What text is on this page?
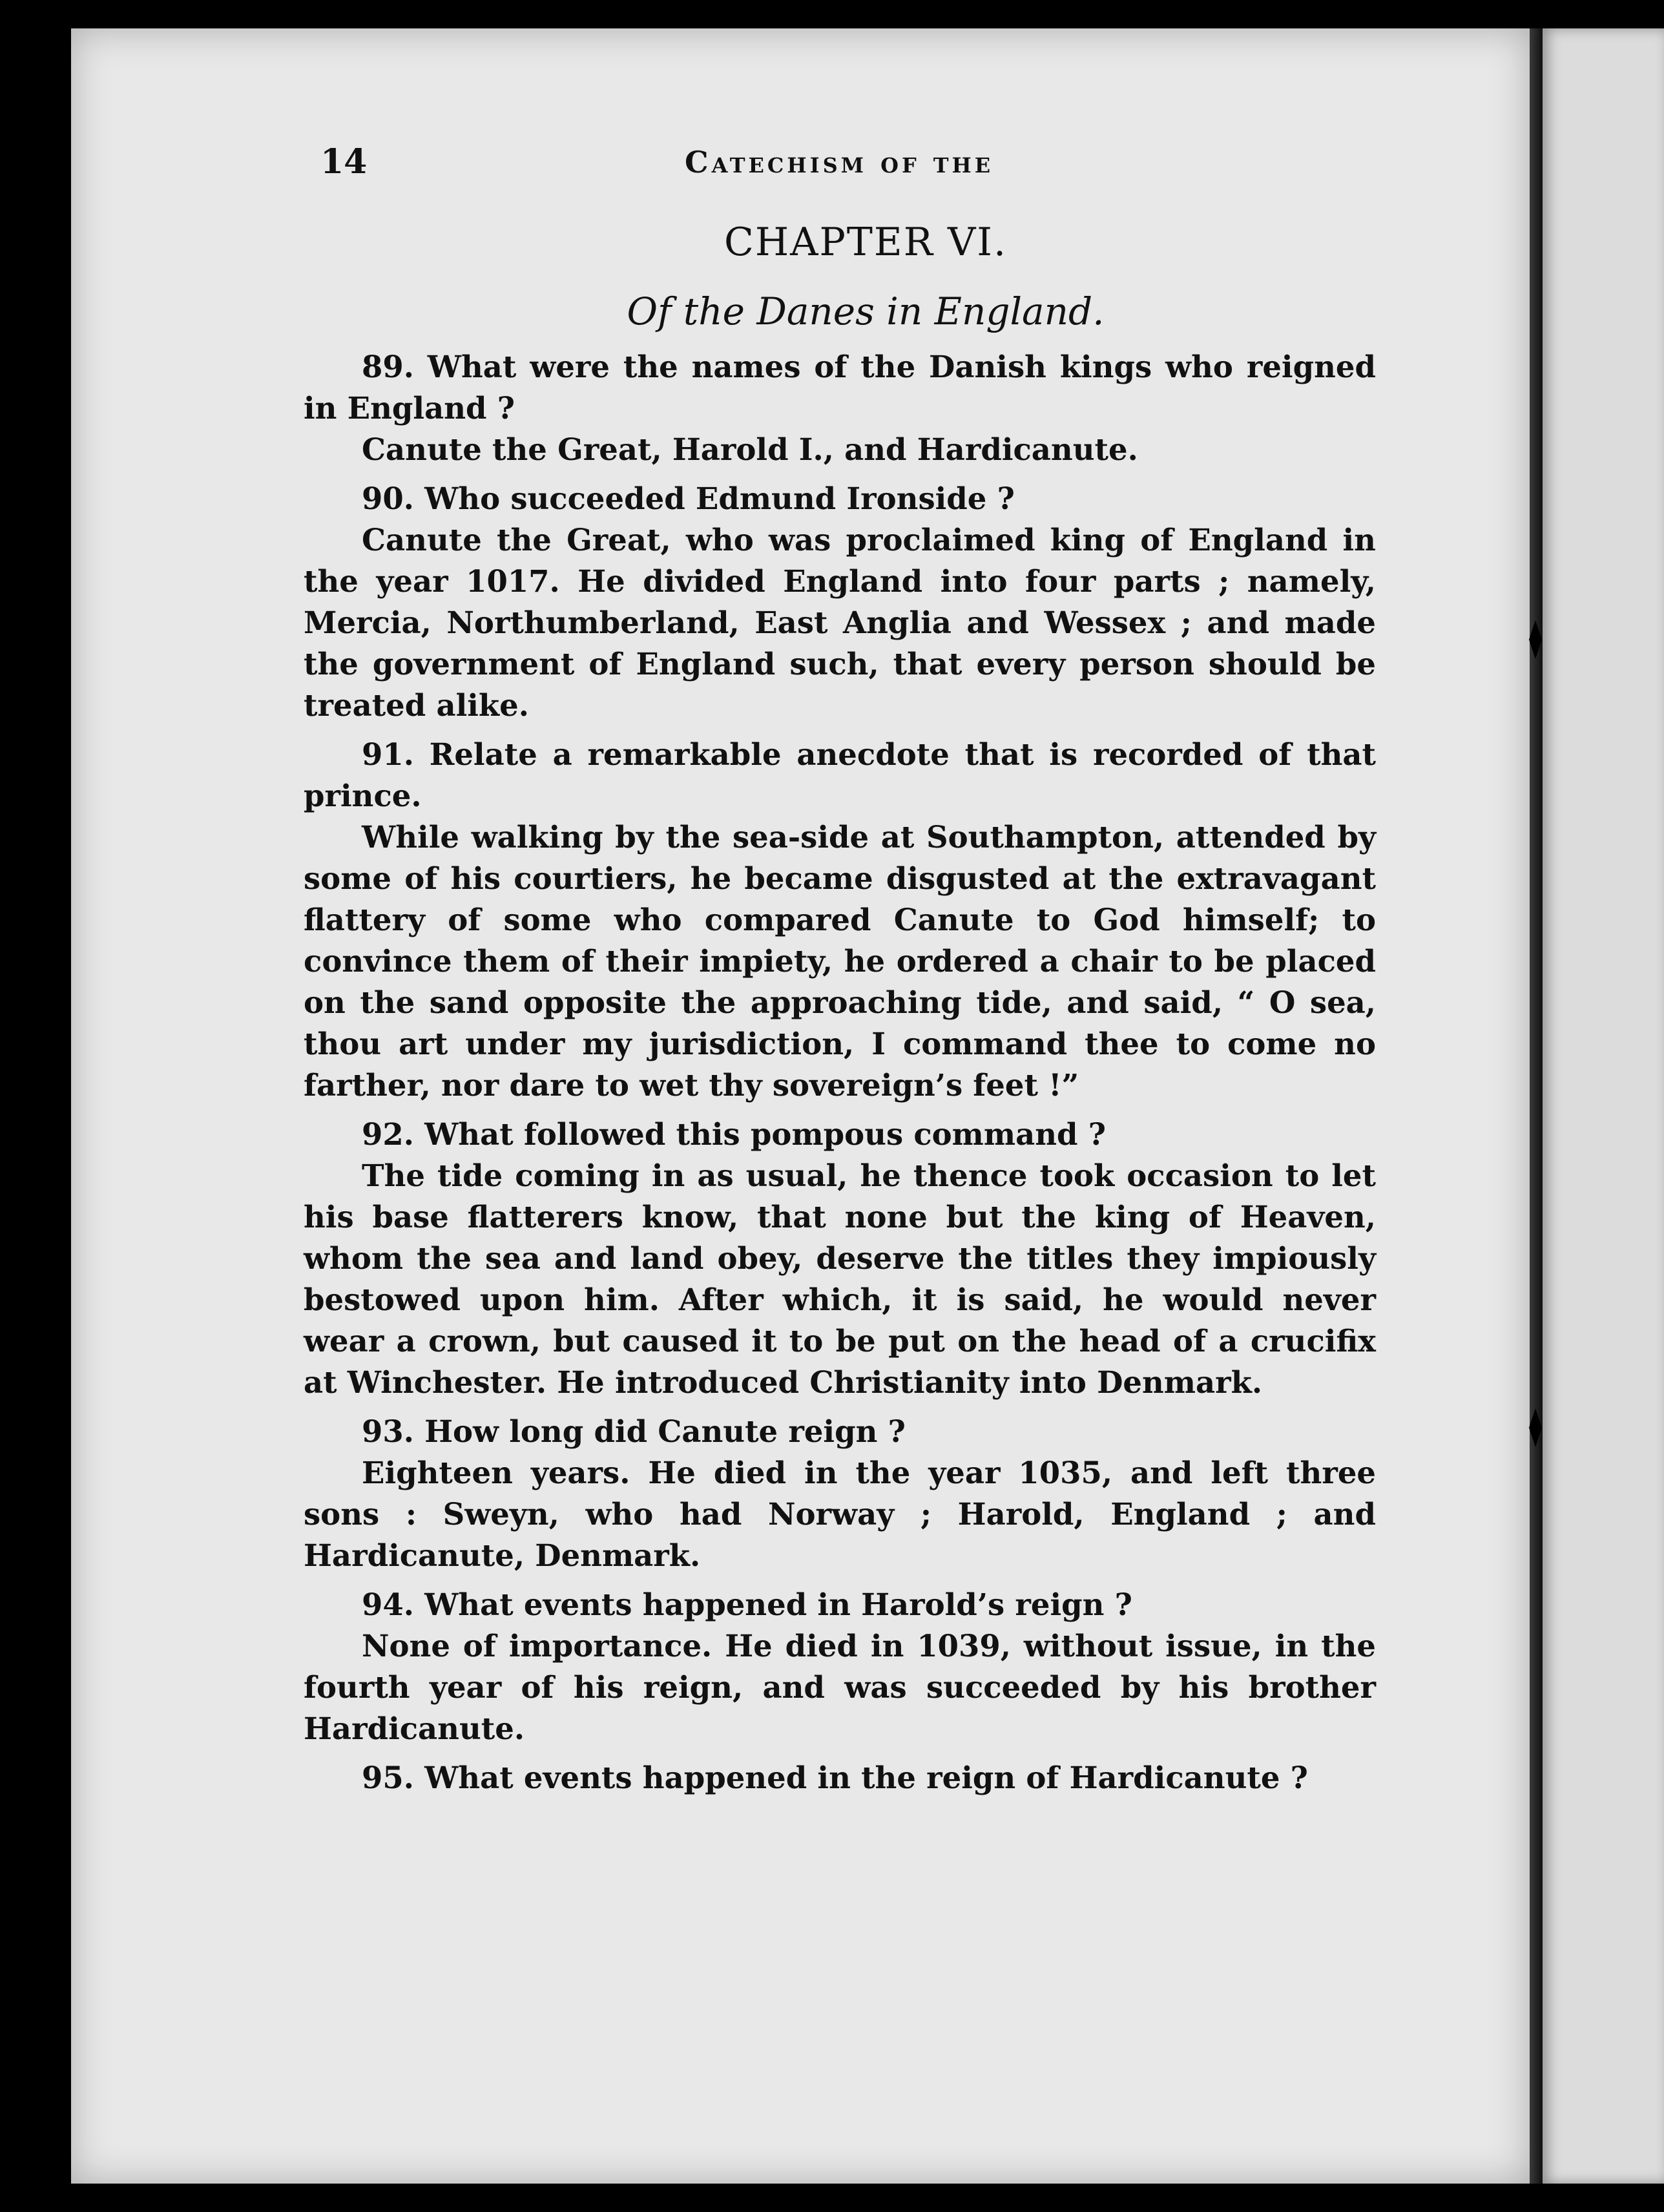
14	Catechism of the
CHAPTER VI.
Of the Danes in England.

89. What were the names of the Danish kings who reigned in England ?

Canute the Great, Harold I., and Hardicanute.

90. Who succeeded Edmund Ironside ?

Canute the Great, who was proclaimed king of England in the year 1017. He divided England into four parts ; namely, Mercia, Northumberland, East Anglia and Wessex ; and made the government of England such, that every person should be treated alike.

91. Relate a remarkable anecdote that is recorded of that prince.

While walking by the sea-side at Southampton, attended by some of his courtiers, he became disgusted at the extravagant flattery of some who compared Canute to God himself; to convince them of their impiety, he ordered a chair to be placed on the sand opposite the approaching tide, and said, “ O sea, thou art under my jurisdiction, I command thee to come no farther, nor dare to wet thy sovereign’s feet !”

92. What followed this pompous command ?

The tide coming in as usual, he thence took occasion to let his base flatterers know, that none but the king of Heaven, whom the sea and land obey, deserve the titles they impiously bestowed upon him. After which, it is said, he would never wear a crown, but caused it to be put on the head of a crucifix at Winchester. He introduced Christianity into Denmark.

93. How long did Canute reign ?

Eighteen years. He died in the year 1035, and left three sons : Sweyn, who had Norway ; Harold, England ; and Hardicanute, Denmark.

94. What events happened in Harold’s reign ?

None of importance. He died in 1039, without issue, in the fourth year of his reign, and was succeeded by his brother Hardicanute.

95. What events happened in the reign of Hardicanute ?
